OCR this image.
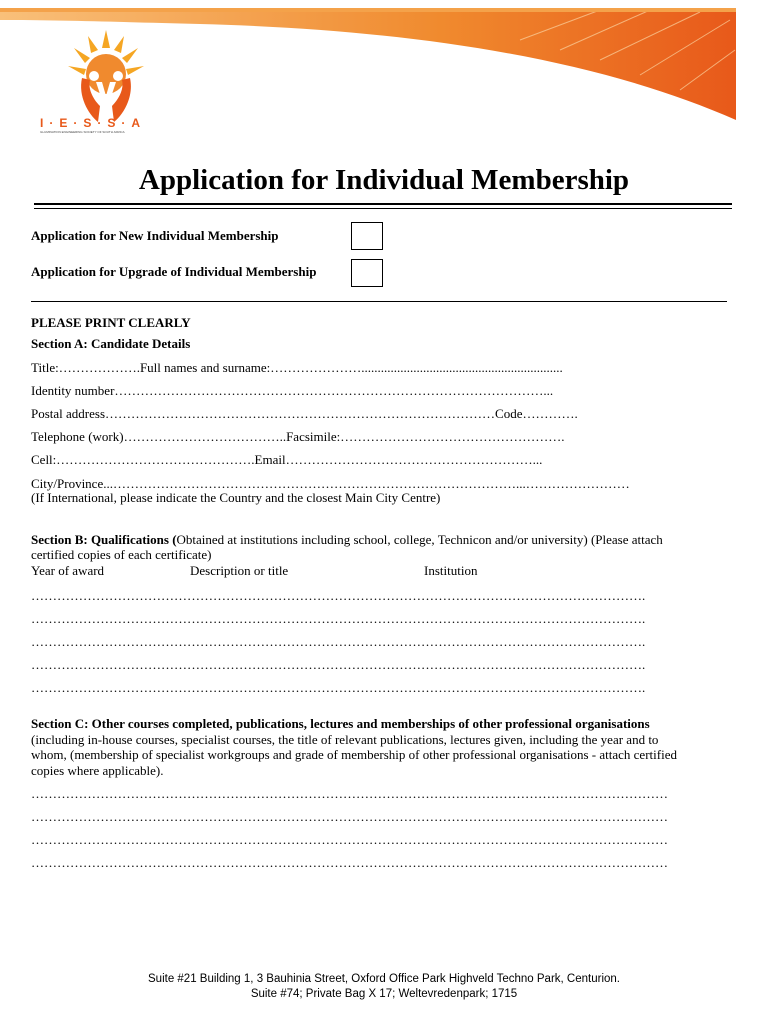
I·E·S·S·A
ILLUMINATION ENGINEERING SOCIETY OF SOUTH AFRICA
Application for Individual Membership
Application for New Individual Membership
Application for Upgrade of Individual Membership
PLEASE PRINT CLEARLY
Section A: Candidate Details
Title:……………….Full names and surname:…………………..............................................................
Identity number………………………………………………………………………………………...
Postal address………………………………………………………………………………Code………….
Telephone (work)………………………………..Facsimile:…………………………………………….
Cell:……………………………………….Email…………………………………………………...
City/Province...…………………………………………………………………………………...……………………
(If International, please indicate the Country and the closest Main City Centre)
Section B: Qualifications (Obtained at institutions including school, college, Technicon and/or university) (Please attach
certified copies of each certificate)
Year of award	Description or title	Institution
…………………………………………………………………………………………………………………………….
…………………………………………………………………………………………………………………………….
…………………………………………………………………………………………………………………………….
…………………………………………………………………………………………………………………………….
…………………………………………………………………………………………………………………………….
Section C: Other courses completed, publications, lectures and memberships of other professional organisations
(including in-house courses, specialist courses, the title of relevant publications, lectures given, including the year and to
whom, (membership of specialist workgroups and grade of membership of other professional organisations - attach certified
copies where applicable).
…………………………………………………………………………………………………………………………………
…………………………………………………………………………………………………………………………………
…………………………………………………………………………………………………………………………………
…………………………………………………………………………………………………………………………………
Suite #21 Building 1, 3 Bauhinia Street, Oxford Office Park Highveld Techno Park, Centurion.
Suite #74; Private Bag X 17; Weltevredenpark; 1715
